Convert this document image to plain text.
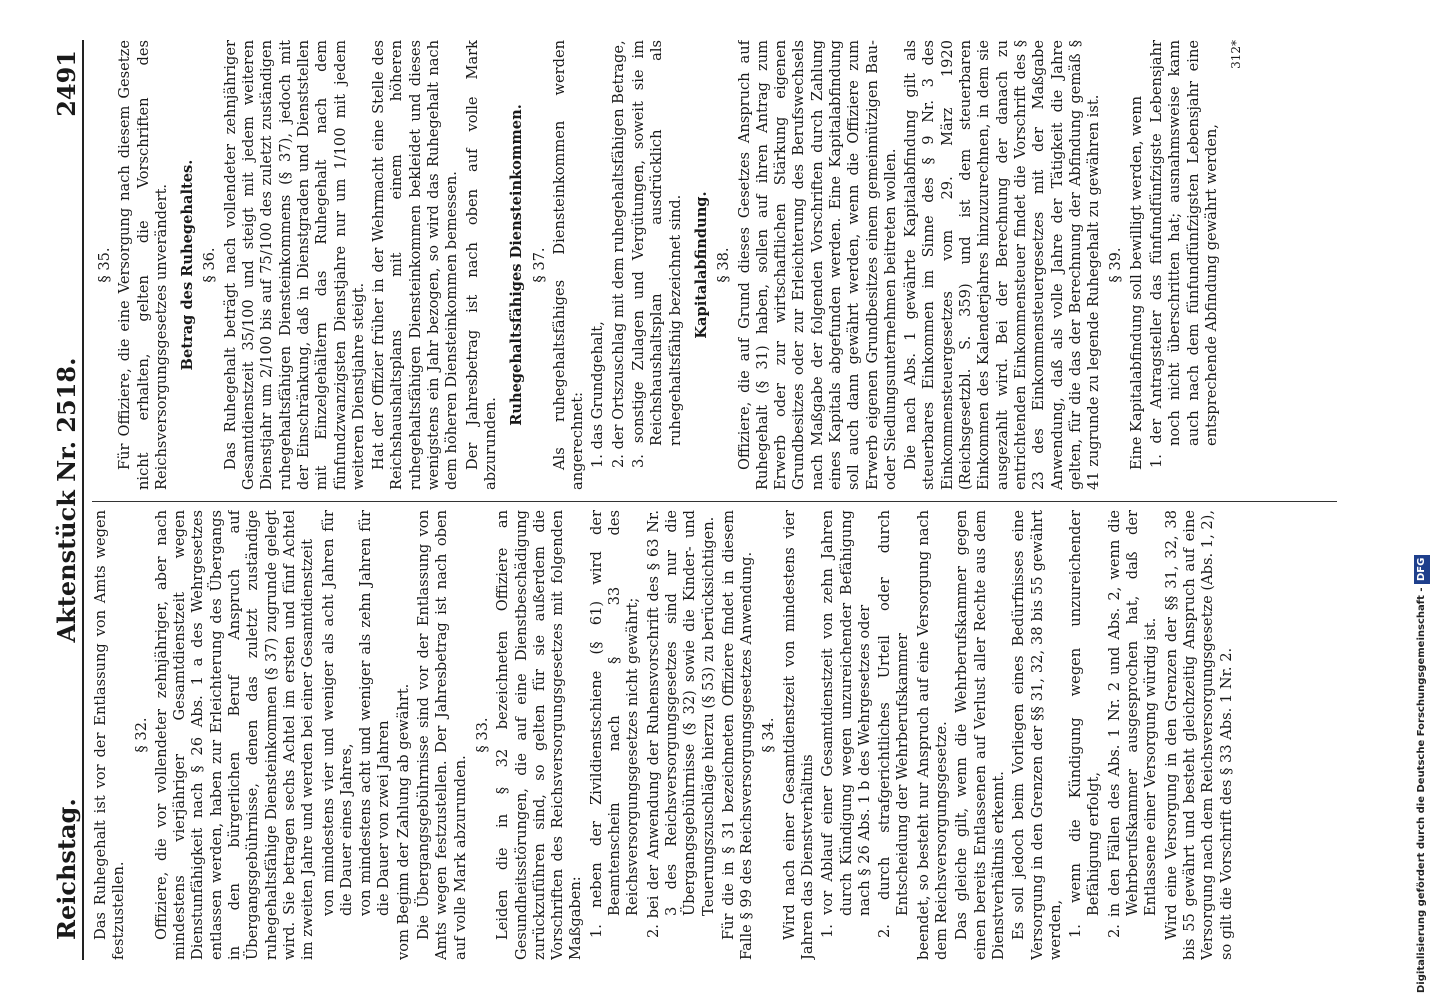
Reichstag.
Aktenstück Nr. 2518.
2491

Das Ruhegehalt ist vor der Entlassung von Amts wegen festzustellen.

§ 32. Offiziere, die vor vollendeter zehnjähriger, aber nach mindestens vierjähriger Gesamtdienstzeit wegen Dienstunfähigkeit nach § 26 Abs. 1 a des Wehrgesetzes entlassen werden, haben zur Erleichterung des Übergangs in den bürgerlichen Beruf Anspruch auf Übergangsgebührnisse, denen das zuletzt zuständige ruhegehaltsfähige Diensteinkommen (§ 37) zugrunde gelegt wird. Sie betragen sechs Achtel im ersten und fünf Achtel im zweiten Jahre und werden bei einer Gesamtdienstzeit von mindestens vier und weniger als acht Jahren für die Dauer eines Jahres, von mindestens acht und weniger als zehn Jahren für die Dauer von zwei Jahren vom Beginn der Zahlung ab gewährt. Die Übergangsgebührnisse sind vor der Entlassung von Amts wegen festzustellen. Der Jahresbetrag ist nach oben auf volle Mark abzurunden.

§ 33. Leiden die in § 32 bezeichneten Offiziere an Gesundheitsstörungen, die auf eine Dienstbeschädigung zurückzuführen sind, so gelten für sie außerdem die Vorschriften des Reichsversorgungsgesetzes mit folgenden Maßgaben: 1. neben der Zivildienstschiene (§ 61) wird der Beamtenschein nach § 33 des Reichsversorgungsgesetzes nicht gewährt; 2. bei der Anwendung der Ruhensvorschrift des § 63 Nr. 3 des Reichsversorgungsgesetzes sind nur die Übergangsgebührnisse (§ 32) sowie die Kinder- und Teuerungszuschläge hierzu (§ 53) zu berücksichtigen. Für die in § 31 bezeichneten Offiziere findet in diesem Falle § 99 des Reichsversorgungsgesetzes Anwendung. § 34. Wird nach einer Gesamtdienstzeit von mindestens vier Jahren das Dienstverhältnis 1. vor Ablauf einer Gesamtdienstzeit von zehn Jahren durch Kündigung wegen unzureichender Befähigung nach § 26 Abs. 1 b des Wehrgesetzes oder 2. durch strafgerichtliches Urteil oder durch Entscheidung der Wehrberufskammer beendet, so besteht nur Anspruch auf eine Versorgung nach dem Reichsversorgungsgesetze. Das gleiche gilt, wenn die Wehrberufskammer gegen einen bereits Entlassenen auf Verlust aller Rechte aus dem Dienstverhältnis erkennt. Es soll jedoch beim Vorliegen eines Bedürfnisses eine Versorgung in den Grenzen der §§ 31, 32, 38 bis 55 gewährt werden, 1. wenn die Kündigung wegen unzureichender Befähigung erfolgt, 2. in den Fällen des Abs. 1 Nr. 2 und Abs. 2, wenn die Wehrberufskammer ausgesprochen hat, daß der Entlassene einer Versorgung würdig ist. Wird eine Versorgung in den Grenzen der §§ 31, 32, 38 bis 55 gewährt und besteht gleichzeitig Anspruch auf eine Versorgung nach dem Reichsversorgungsgesetze (Abs. 1, 2), so gilt die Vorschrift des § 33 Abs. 1 Nr. 2.

§ 35. Für Offiziere, die eine Versorgung nach diesem Gesetze nicht erhalten, gelten die Vorschriften des Reichsversorgungsgesetzes unverändert. Betrag des Ruhegehaltes. § 36. Das Ruhegehalt beträgt nach vollendeter zehnjähriger Gesamtdienstzeit 35/100 und steigt mit jedem weiteren Dienstjahr um 2/100 bis auf 75/100 des zuletzt zuständigen ruhegehaltsfähigen Diensteinkommens (§ 37), jedoch mit der Einschränkung, daß in Dienstgraden und Dienststellen mit Einzelgehältern das Ruhegehalt nach dem fünfundzwanzigsten Dienstjahre nur um 1/100 mit jedem weiteren Dienstjahre steigt. Hat der Offizier früher in der Wehrmacht eine Stelle des Reichshaushaltsplans mit einem höheren ruhegehaltsfähigen Diensteinkommen bekleidet und dieses wenigstens ein Jahr bezogen, so wird das Ruhegehalt nach dem höheren Diensteinkommen bemessen. Der Jahresbetrag ist nach oben auf volle Mark abzurunden.

Ruhegehaltsfähiges Diensteinkommen. § 37. Als ruhegehaltsfähiges Diensteinkommen werden angerechnet: 1. das Grundgehalt, 2. der Ortszuschlag mit dem ruhegehaltsfähigen Betrage, 3. sonstige Zulagen und Vergütungen, soweit sie im Reichshaushaltsplan ausdrücklich als ruhegehaltsfähig bezeichnet sind. Kapitalabfindung. § 38. Offiziere, die auf Grund dieses Gesetzes Anspruch auf Ruhegehalt (§ 31) haben, sollen auf ihren Antrag zum Erwerb oder zur wirtschaftlichen Stärkung eigenen Grundbesitzes oder zur Erleichterung des Berufswechsels nach Maßgabe der folgenden Vorschriften durch Zahlung eines Kapitals abgefunden werden. Eine Kapitalabfindung soll auch dann gewährt werden, wenn die Offiziere zum Erwerb eigenen Grundbesitzes einem gemeinnützigen Bau- oder Siedlungsunternehmen beitreten wollen. Die nach Abs. 1 gewährte Kapitalabfindung gilt als steuerbares Einkommen im Sinne des § 9 Nr. 3 des Einkommensteuergesetzes vom 29. März 1920 (Reichsgesetzbl. S. 359) und ist dem steuerbaren Einkommen des Kalenderjahres hinzuzurechnen, in dem sie ausgezahlt wird. Bei der Berechnung der danach zu entrichtenden Einkommensteuer findet die Vorschrift des § 23 des Einkommensteuergesetzes mit der Maßgabe Anwendung, daß als volle Jahre der Tätigkeit die Jahre gelten, für die das der Berechnung der Abfindung gemäß § 41 zugrunde zu legende Ruhegehalt zu gewähren ist. § 39. Eine Kapitalabfindung soll bewilligt werden, wenn 1. der Antragsteller das fünfundfünfzigste Lebensjahr noch nicht überschritten hat; ausnahmsweise kann auch nach dem fünfundfünfzigsten Lebensjahr eine entsprechende Abfindung gewährt werden,
312*
Digitalisierung gefördert durch die Deutsche Forschungsgemeinschaft - DFG
